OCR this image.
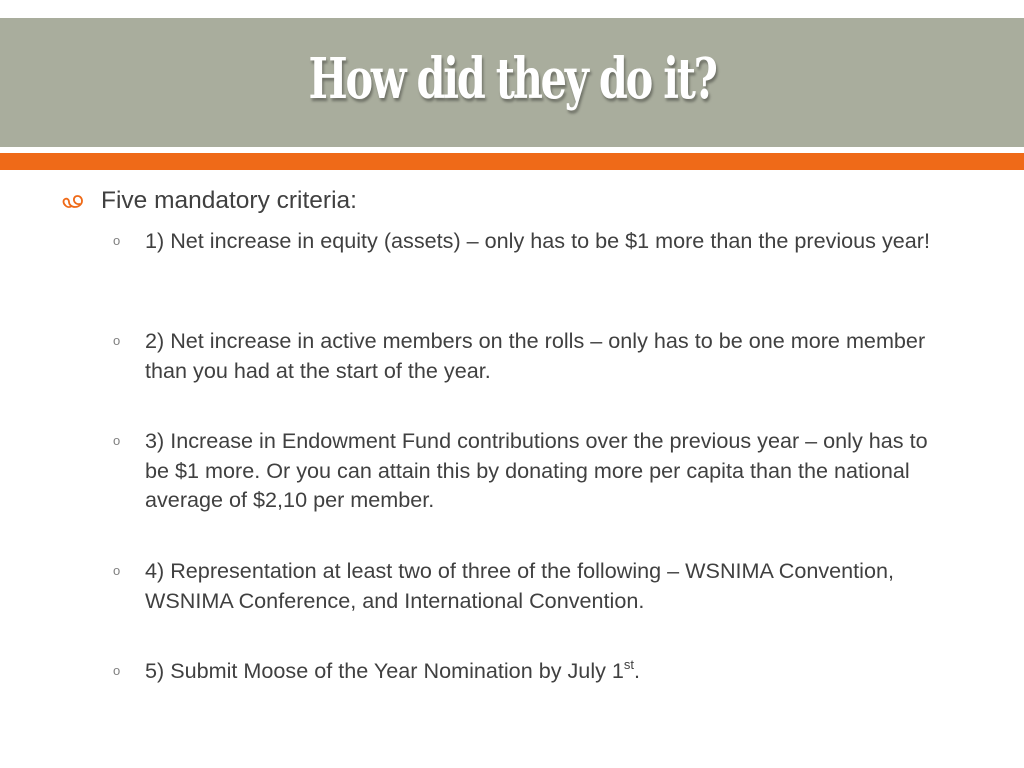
How did they do it?
Five mandatory criteria:
o 1) Net increase in equity (assets) – only has to be $1 more than the previous year!

o 2) Net increase in active members on the rolls – only has to be one more member than you had at the start of the year.

o 3) Increase in Endowment Fund contributions over the previous year – only has to be $1 more. Or you can attain this by donating more per capita than the national average of $2,10 per member.

o 4) Representation at least two of three of the following – WSNIMA Convention, WSNIMA Conference, and International Convention.

o 5) Submit Moose of the Year Nomination by July 1st.
